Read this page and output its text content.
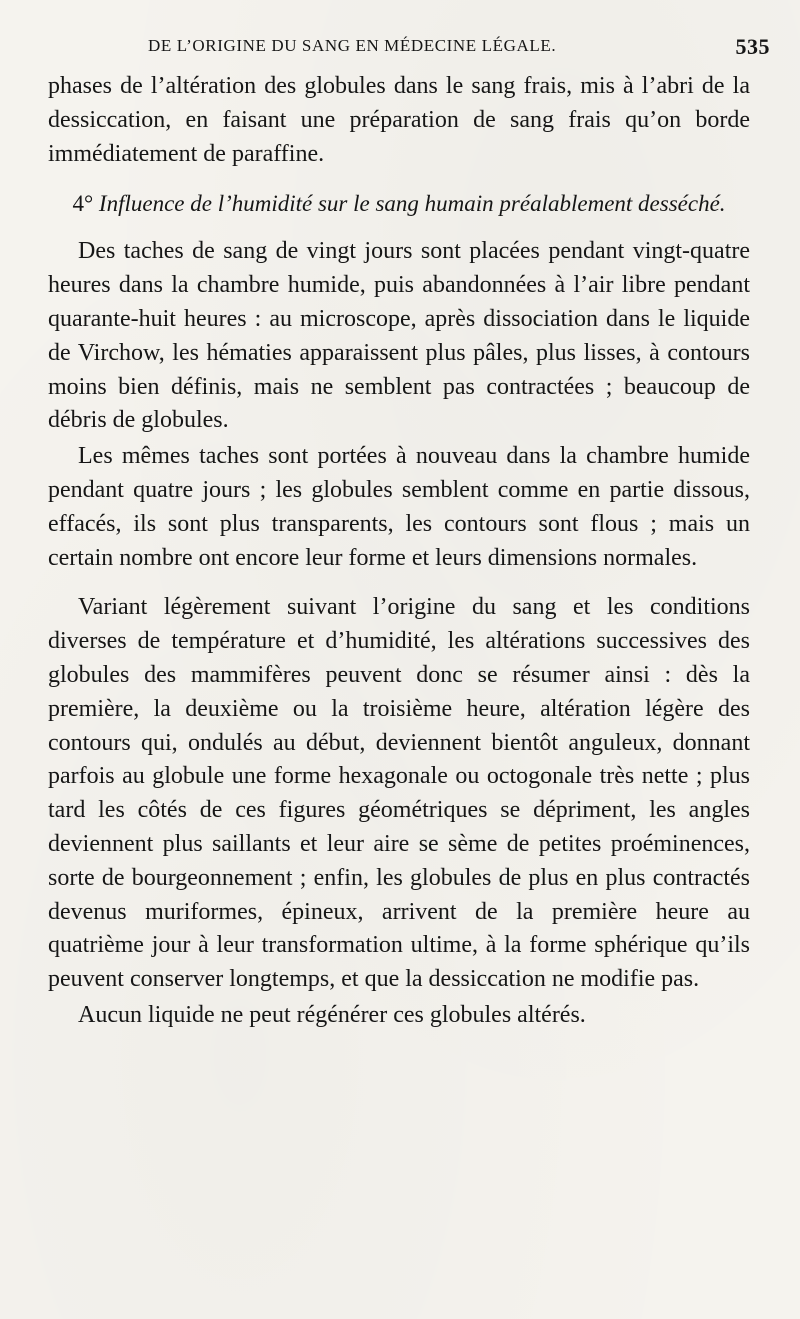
DE L’ORIGINE DU SANG EN MÉDECINE LÉGALE.	535

phases de l’altération des globules dans le sang frais, mis à l’abri de la dessiccation, en faisant une préparation de sang frais qu’on borde immédiatement de paraffine.

4° Influence de l’humidité sur le sang humain préalablement desséché.

Des taches de sang de vingt jours sont placées pendant vingt-quatre heures dans la chambre humide, puis abandonnées à l’air libre pendant quarante-huit heures : au microscope, après dissociation dans le liquide de Virchow, les hématies apparaissent plus pâles, plus lisses, à contours moins bien définis, mais ne semblent pas contractées ; beaucoup de débris de globules.

Les mêmes taches sont portées à nouveau dans la chambre humide pendant quatre jours ; les globules semblent comme en partie dissous, effacés, ils sont plus transparents, les contours sont flous ; mais un certain nombre ont encore leur forme et leurs dimensions normales.

Variant légèrement suivant l’origine du sang et les conditions diverses de température et d’humidité, les altérations successives des globules des mammifères peuvent donc se résumer ainsi : dès la première, la deuxième ou la troisième heure, altération légère des contours qui, ondulés au début, deviennent bientôt anguleux, donnant parfois au globule une forme hexagonale ou octogonale très nette ; plus tard les côtés de ces figures géométriques se dépriment, les angles deviennent plus saillants et leur aire se sème de petites proéminences, sorte de bourgeonnement ; enfin, les globules de plus en plus contractés devenus muriformes, épineux, arrivent de la première heure au quatrième jour à leur transformation ultime, à la forme sphérique qu’ils peuvent conserver longtemps, et que la dessiccation ne modifie pas.

Aucun liquide ne peut régénérer ces globules altérés.
